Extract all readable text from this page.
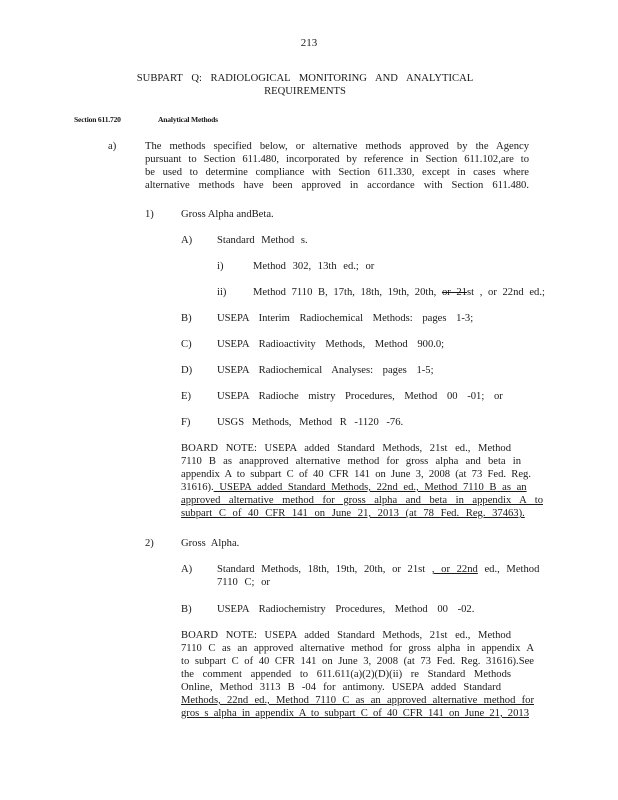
213
SUBPART Q: RADIOLOGICAL MONITORING AND ANALYTICAL
REQUIREMENTS
Section 611.720	Analytical Methods
a)	The methods specified below, or alternative methods approved by the Agency
pursuant to Section 611.480, incorporated by reference in Section 611.102,are to
be used to determine compliance with Section 611.330, except in cases where
alternative methods have been approved in accordance with Section 611.480.
1)	Gross Alpha andBeta.
A) Standard Method s.
i)	Method 302, 13th ed.; or
ii)	Method 7110 B, 17th, 18th, 19th, 20th, or 21st , or 22nd ed.;
B) USEPA Interim Radiochemical Methods: pages 1-3;
C) USEPA Radioactivity Methods, Method 900.0;
D) USEPA Radiochemical Analyses: pages 1-5;
E) USEPA Radioche mistry Procedures, Method 00 -01; or
F)	USGS Methods, Method R -1120 -76.
BOARD NOTE: USEPA added Standard Methods, 21st ed., Method
7110 B as anapproved alternative method for gross alpha and beta in
appendix A to subpart C of 40 CFR 141 on June 3, 2008 (at 73 Fed. Reg.
31616). USEPA added Standard Methods, 22nd ed., Method 7110 B as an
approved alternative method for gross alpha and beta in appendix A to
subpart C of 40 CFR 141 on June 21, 2013 (at 78 Fed. Reg. 37463).
2)	Gross Alpha.
A) Standard Methods, 18th, 19th, 20th, or 21st , or 22nd ed., Method
7110 C; or
B) USEPA Radiochemistry Procedures, Method 00 -02.
BOARD NOTE: USEPA added Standard Methods, 21st ed., Method
7110 C as an approved alternative method for gross alpha in appendix A
to subpart C of 40 CFR 141 on June 3, 2008 (at 73 Fed. Reg. 31616).See
the comment appended to 611.611(a)(2)(D)(ii) re Standard Methods
Online, Method 3113 B -04 for antimony. USEPA added Standard
Methods, 22nd ed., Method 7110 C as an approved alternative method for
gros s alpha in appendix A to subpart C of 40 CFR 141 on June 21, 2013
